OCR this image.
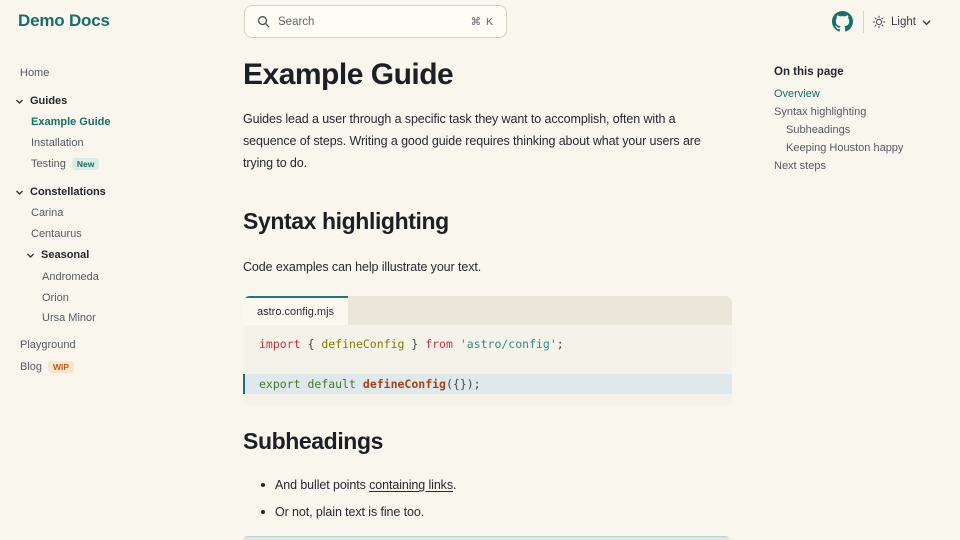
Demo Docs	Search	⌘ K	Light
Home
Guides
Example Guide
Installation
Testing	New
Constellations
Carina
Centaurus
Seasonal
Andromeda
Orion
Ursa Minor
Playground
Blog	WIP
Example Guide

Guides lead a user through a specific task they want to accomplish, often with a sequence of steps. Writing a good guide requires thinking about what your users are trying to do.

Syntax highlighting

Code examples can help illustrate your text.

astro.config.mjs
import { defineConfig } from 'astro/config';
export default defineConfig({});
Subheadings
And bullet points containing links.
Or not, plain text is fine too.
On this page
Overview
Syntax highlighting
Subheadings
Keeping Houston happy
Next steps
